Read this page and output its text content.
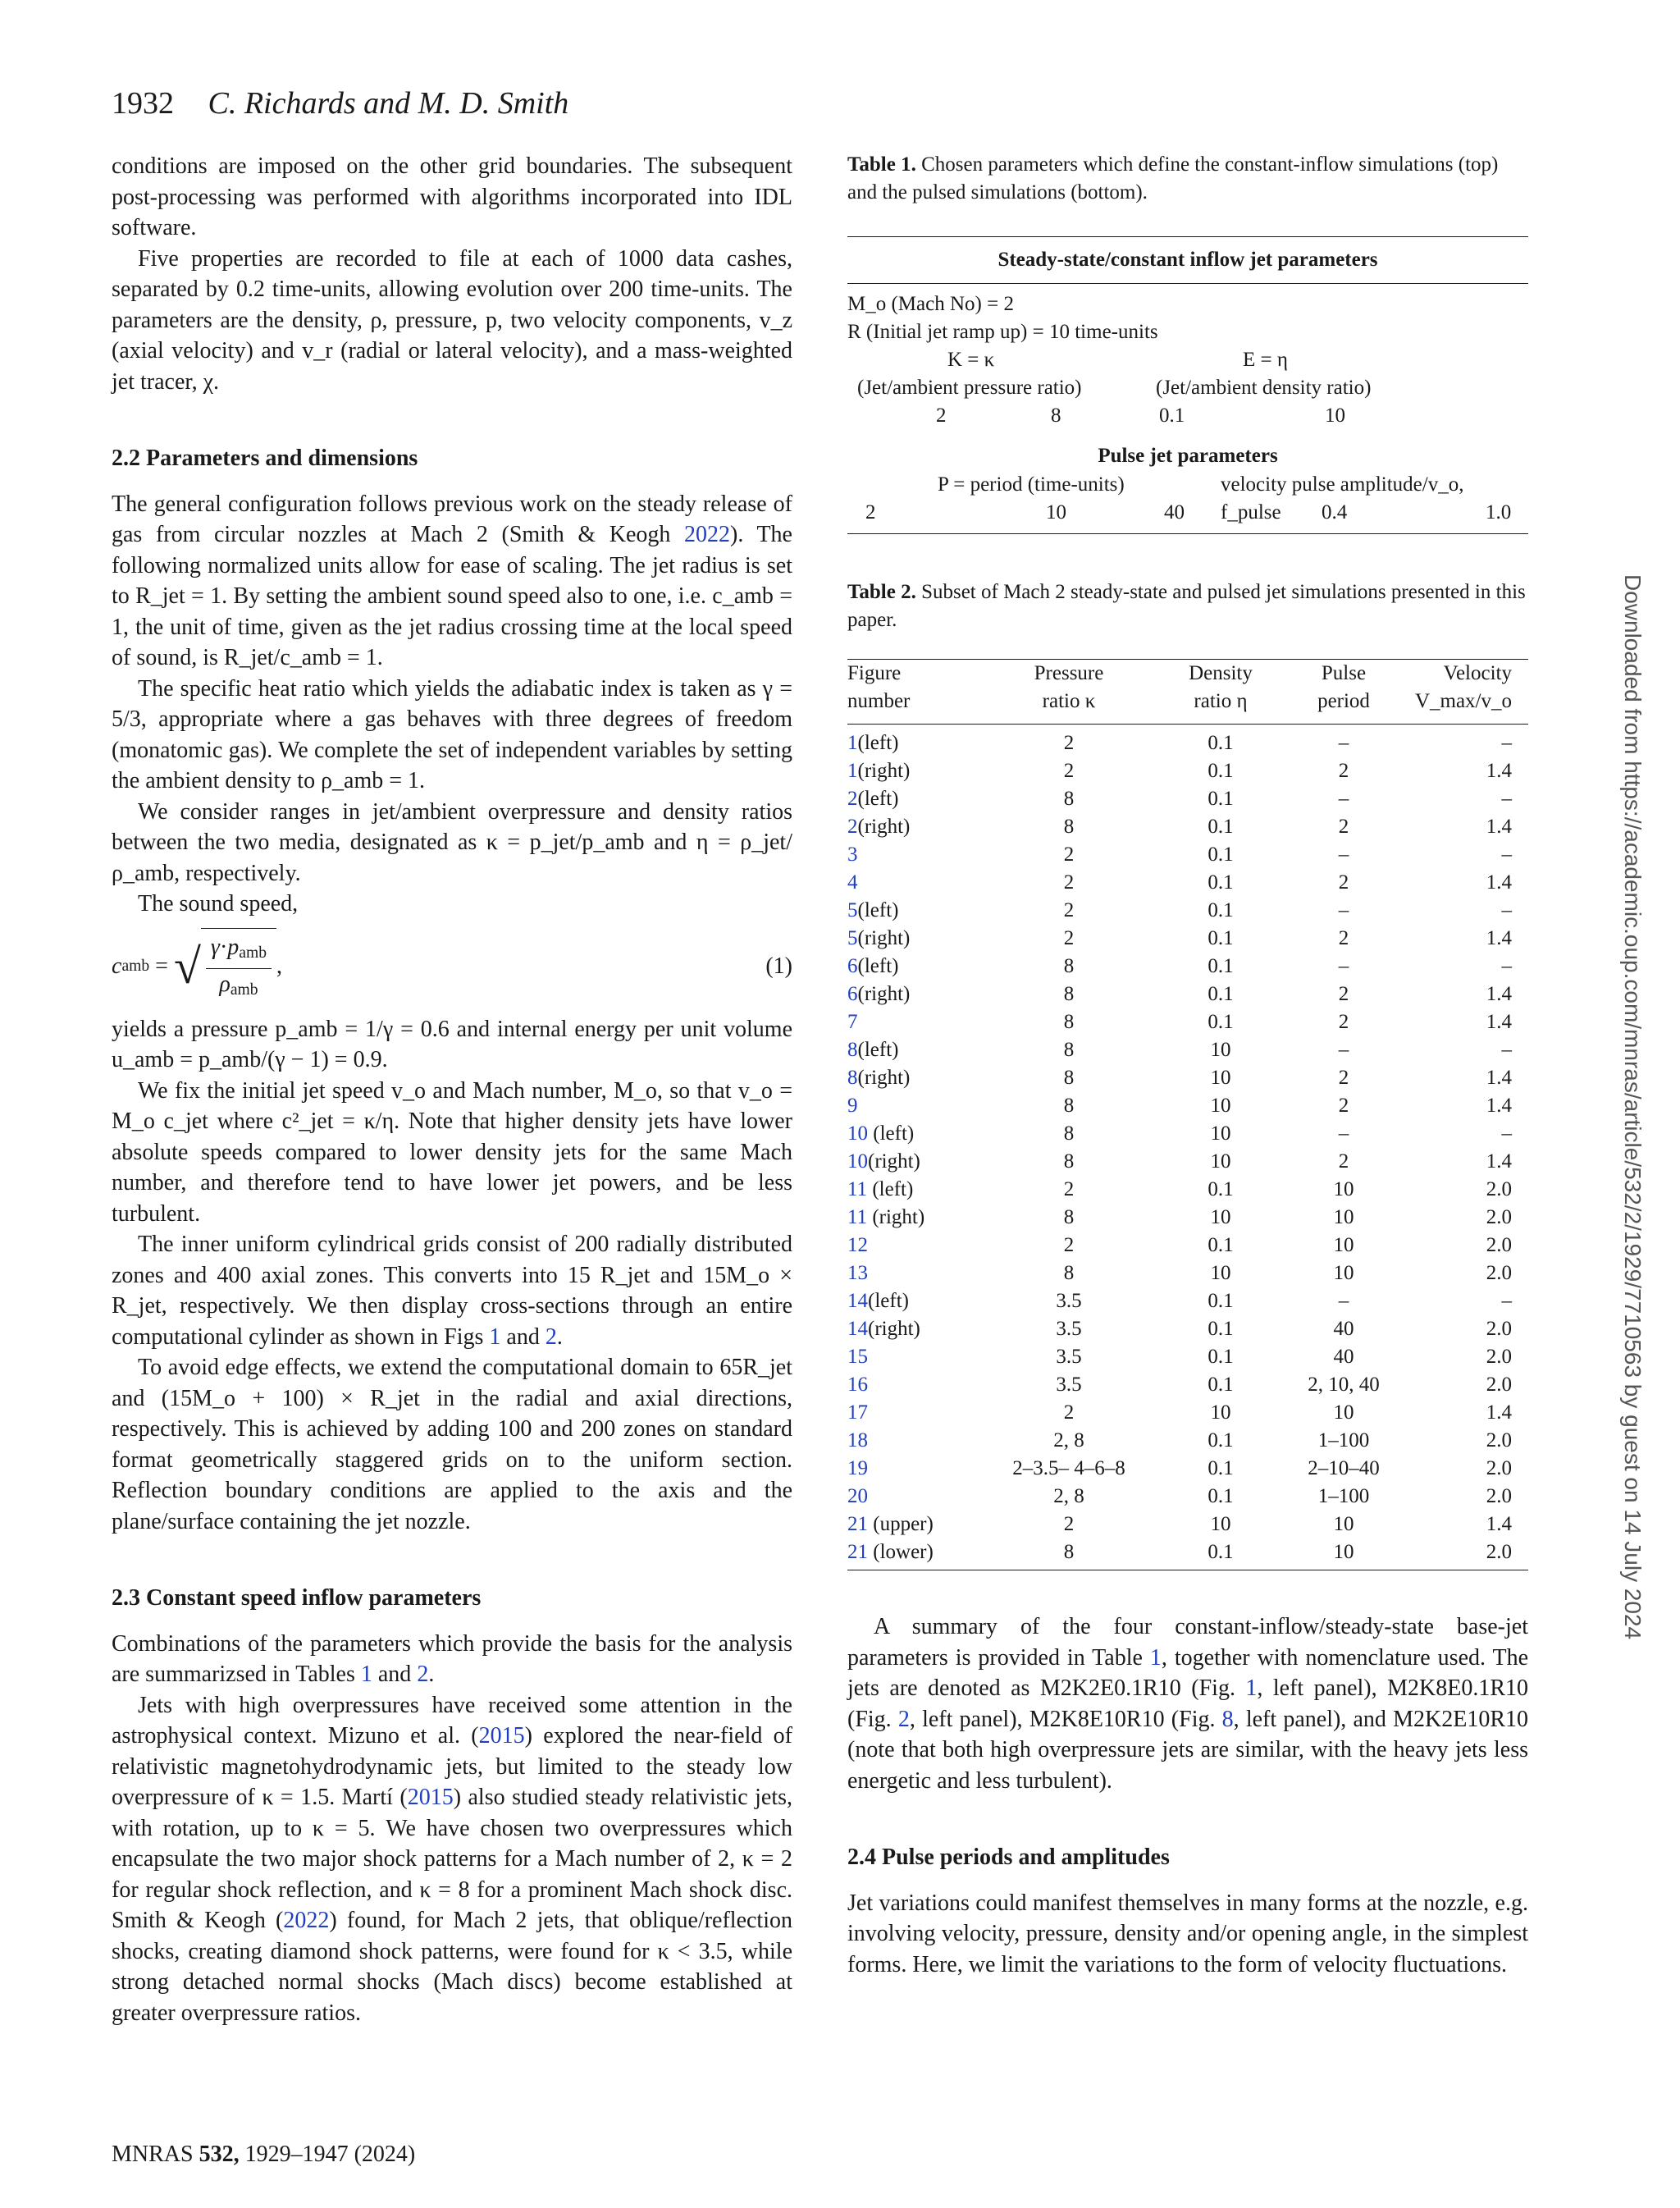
1932 C. Richards and M. D. Smith

conditions are imposed on the other grid boundaries. The subsequent post-processing was performed with algorithms incorporated into IDL software.

Five properties are recorded to file at each of 1000 data cashes, separated by 0.2 time-units, allowing evolution over 200 time-units. The parameters are the density, ρ, pressure, p, two velocity components, v_z (axial velocity) and v_r (radial or lateral velocity), and a mass-weighted jet tracer, χ.

2.2 Parameters and dimensions

The general configuration follows previous work on the steady release of gas from circular nozzles at Mach 2 (Smith & Keogh 2022). The following normalized units allow for ease of scaling. The jet radius is set to R_jet = 1. By setting the ambient sound speed also to one, i.e. c_amb = 1, the unit of time, given as the jet radius crossing time at the local speed of sound, is R_jet/c_amb = 1.

The specific heat ratio which yields the adiabatic index is taken as γ = 5/3, appropriate where a gas behaves with three degrees of freedom (monatomic gas). We complete the set of independent variables by setting the ambient density to ρ_amb = 1.

We consider ranges in jet/ambient overpressure and density ratios between the two media, designated as κ = p_jet/p_amb and η = ρ_jet/ρ_amb, respectively.

The sound speed,

c amb = √ $\frac{\gamma\cdot p_{amb}}{\rho_{amb}}$ ,	(1)

yields a pressure p_amb = 1/γ = 0.6 and internal energy per unit volume u_amb = p_amb/(γ − 1) = 0.9.

We fix the initial jet speed v_o and Mach number, M_o, so that v_o = M_o c_jet where c²_jet = κ/η. Note that higher density jets have lower absolute speeds compared to lower density jets for the same Mach number, and therefore tend to have lower jet powers, and be less turbulent.

The inner uniform cylindrical grids consist of 200 radially distributed zones and 400 axial zones. This converts into 15 R_jet and 15M_o × R_jet, respectively. We then display cross-sections through an entire computational cylinder as shown in Figs 1 and 2.

To avoid edge effects, we extend the computational domain to 65R_jet and (15M_o + 100) × R_jet in the radial and axial directions, respectively. This is achieved by adding 100 and 200 zones on standard format geometrically staggered grids on to the uniform section. Reflection boundary conditions are applied to the axis and the plane/surface containing the jet nozzle.

2.3 Constant speed inflow parameters

Combinations of the parameters which provide the basis for the analysis are summarizsed in Tables 1 and 2.

Jets with high overpressures have received some attention in the astrophysical context. Mizuno et al. (2015) explored the near-field of relativistic magnetohydrodynamic jets, but limited to the steady low overpressure of κ = 1.5. Martí (2015) also studied steady relativistic jets, with rotation, up to κ = 5. We have chosen two overpressures which encapsulate the two major shock patterns for a Mach number of 2, κ = 2 for regular shock reflection, and κ = 8 for a prominent Mach shock disc. Smith & Keogh (2022) found, for Mach 2 jets, that oblique/reflection shocks, creating diamond shock patterns, were found for κ < 3.5, while strong detached normal shocks (Mach discs) become established at greater overpressure ratios.

Table 1. Chosen parameters which define the constant-inflow simulations (top) and the pulsed simulations (bottom).
Steady-state/constant inflow jet parameters
M_o (Mach No) = 2
R (Initial jet ramp up) = 10 time-units
K = κ	E = η
(Jet/ambient pressure ratio)	(Jet/ambient density ratio)
2	8	0.1	10
Pulse jet parameters
P = period (time-units)	velocity pulse amplitude/v_o, f_pulse
2	10	40	0.4	1.0
Table 2. Subset of Mach 2 steady-state and pulsed jet simulations presented in this paper.
Figure	Pressure	Density	Pulse	Velocity
number	ratio κ	ratio η	period	V_max/v_o

1(left)	2	0.1	–	–
1(right)	2	0.1	2	1.4
2(left)	8	0.1	–	–
2(right)	8	0.1	2	1.4
3	2	0.1	–	–
4	2	0.1	2	1.4
5(left)	2	0.1	–	–
5(right)	2	0.1	2	1.4
6(left)	8	0.1	–	–
6(right)	8	0.1	2	1.4
7	8	0.1	2	1.4
8(left)	8	10	–	–
8(right)	8	10	2	1.4
9	8	10	2	1.4
10 (left)	8	10	–	–
10(right)	8	10	2	1.4
11 (left)	2	0.1	10	2.0
11 (right)	8	10	10	2.0
12	2	0.1	10	2.0
13	8	10	10	2.0
14(left)	3.5	0.1	–	–
14(right)	3.5	0.1	40	2.0
15	3.5	0.1	40	2.0
16	3.5	0.1	2, 10, 40	2.0
17	2	10	10	1.4
18	2, 8	0.1	1–100	2.0
19	2–3.5– 4–6–8	0.1	2–10–40	2.0
20	2, 8	0.1	1–100	2.0
21 (upper)	2	10	10	1.4
21 (lower)	8	0.1	10	2.0

A summary of the four constant-inflow/steady-state base-jet parameters is provided in Table 1, together with nomenclature used. The jets are denoted as M2K2E0.1R10 (Fig. 1, left panel), M2K8E0.1R10 (Fig. 2, left panel), M2K8E10R10 (Fig. 8, left panel), and M2K2E10R10 (note that both high overpressure jets are similar, with the heavy jets less energetic and less turbulent).

2.4 Pulse periods and amplitudes

Jet variations could manifest themselves in many forms at the nozzle, e.g. involving velocity, pressure, density and/or opening angle, in the simplest forms. Here, we limit the variations to the form of velocity fluctuations.

MNRAS 532, 1929–1947 (2024)
Downloaded from https://academic.oup.com/mnras/article/532/2/1929/7710563 by guest on 14 July 2024
